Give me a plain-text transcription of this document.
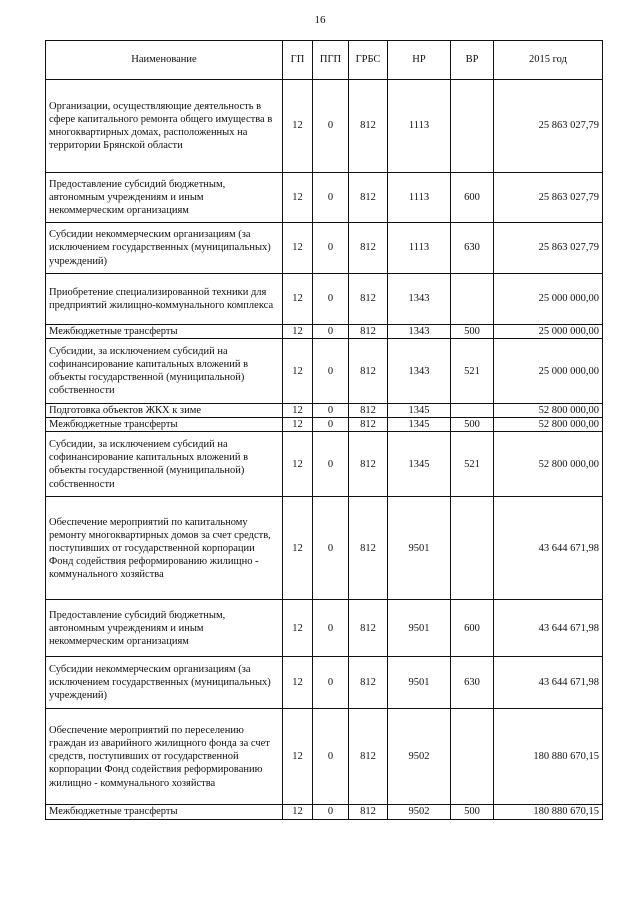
16
Наименование	ГП	ПГП	ГРБС	НР	ВР	2015 год
Организации, осуществляющие деятельность в сфере капитального ремонта общего имущества в многоквартирных домах, расположенных на территории Брянской области	12	0	812	1113		25 863 027,79
Предоставление субсидий бюджетным, автономным учреждениям и иным некоммерческим организациям	12	0	812	1113	600	25 863 027,79
Субсидии некоммерческим организациям (за исключением государственных (муниципальных) учреждений)	12	0	812	1113	630	25 863 027,79
Приобретение специализированной техники для предприятий жилищно-коммунального комплекса	12	0	812	1343		25 000 000,00
Межбюджетные трансферты	12	0	812	1343	500	25 000 000,00
Субсидии, за исключением субсидий на софинансирование капитальных вложений в объекты государственной (муниципальной) собственности	12	0	812	1343	521	25 000 000,00
Подготовка объектов ЖКХ к зиме	12	0	812	1345		52 800 000,00
Межбюджетные трансферты	12	0	812	1345	500	52 800 000,00
Субсидии, за исключением субсидий на софинансирование капитальных вложений в объекты государственной (муниципальной) собственности	12	0	812	1345	521	52 800 000,00
Обеспечение мероприятий по капитальному ремонту многоквартирных домов за счет средств, поступивших от государственной корпорации Фонд содействия реформированию жилищно - коммунального хозяйства	12	0	812	9501		43 644 671,98
Предоставление субсидий бюджетным, автономным учреждениям и иным некоммерческим организациям	12	0	812	9501	600	43 644 671,98
Субсидии некоммерческим организациям (за исключением государственных (муниципальных) учреждений)	12	0	812	9501	630	43 644 671,98
Обеспечение мероприятий по переселению граждан из аварийного жилищного фонда за счет средств, поступивших от государственной корпорации Фонд содействия реформированию жилищно - коммунального хозяйства	12	0	812	9502		180 880 670,15
Межбюджетные трансферты	12	0	812	9502	500	180 880 670,15
